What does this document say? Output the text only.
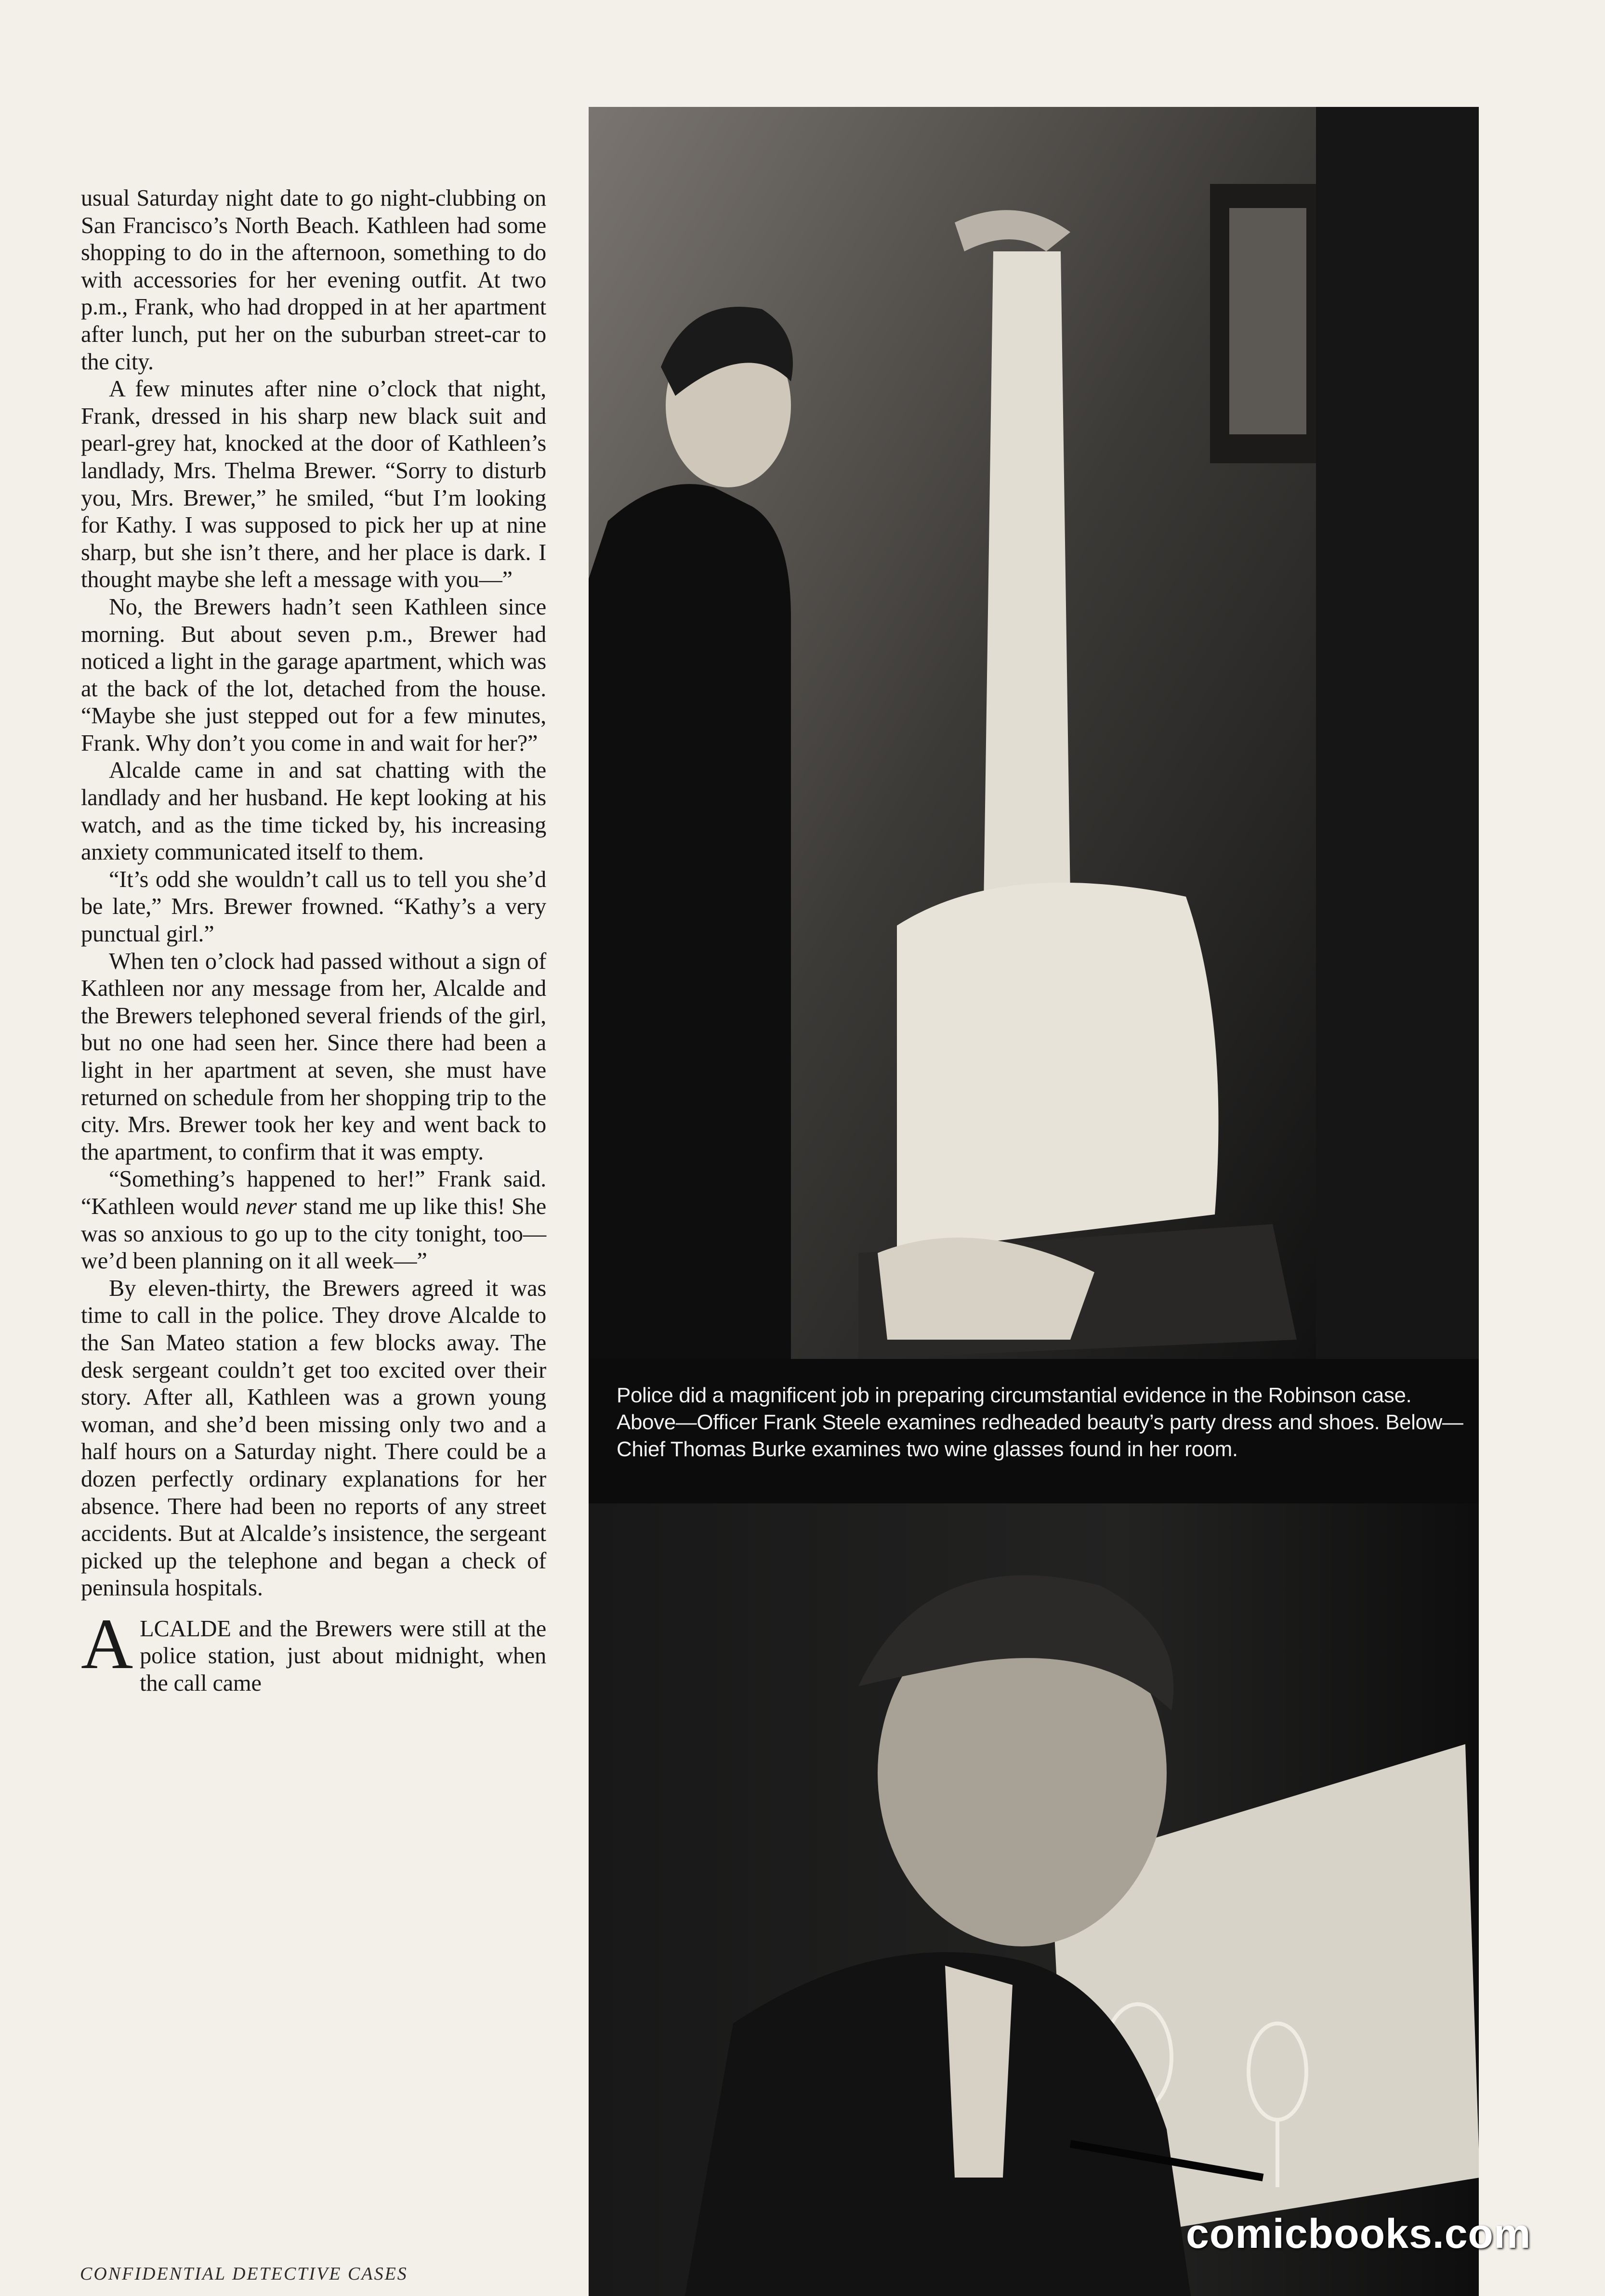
usual Saturday night date to go night-clubbing on San Francisco’s North Beach. Kathleen had some shopping to do in the afternoon, something to do with accessories for her evening outfit. At two p.m., Frank, who had dropped in at her apartment after lunch, put her on the suburban street-car to the city.

A few minutes after nine o’clock that night, Frank, dressed in his sharp new black suit and pearl-grey hat, knocked at the door of Kathleen’s landlady, Mrs. Thelma Brewer. “Sorry to disturb you, Mrs. Brewer,” he smiled, “but I’m looking for Kathy. I was supposed to pick her up at nine sharp, but she isn’t there, and her place is dark. I thought maybe she left a message with you—”

No, the Brewers hadn’t seen Kathleen since morning. But about seven p.m., Brewer had noticed a light in the garage apartment, which was at the back of the lot, detached from the house. “Maybe she just stepped out for a few minutes, Frank. Why don’t you come in and wait for her?”

Alcalde came in and sat chatting with the landlady and her husband. He kept looking at his watch, and as the time ticked by, his increasing anxiety communicated itself to them.

“It’s odd she wouldn’t call us to tell you she’d be late,” Mrs. Brewer frowned. “Kathy’s a very punctual girl.”

When ten o’clock had passed without a sign of Kathleen nor any message from her, Alcalde and the Brewers telephoned several friends of the girl, but no one had seen her. Since there had been a light in her apartment at seven, she must have returned on schedule from her shopping trip to the city. Mrs. Brewer took her key and went back to the apartment, to confirm that it was empty.

“Something’s happened to her!” Frank said. “Kathleen would never stand me up like this! She was so anxious to go up to the city tonight, too—we’d been planning on it all week—”

By eleven-thirty, the Brewers agreed it was time to call in the police. They drove Alcalde to the San Mateo station a few blocks away. The desk sergeant couldn’t get too excited over their story. After all, Kathleen was a grown young woman, and she’d been missing only two and a half hours on a Saturday night. There could be a dozen perfectly ordinary explanations for her absence. There had been no reports of any street accidents. But at Alcalde’s insistence, the sergeant picked up the telephone and began a check of peninsula hospitals.

ALCALDE and the Brewers were still at the police station, just about midnight, when the call came

Police did a magnificent job in preparing circumstantial evidence in the Robinson case. Above—Officer Frank Steele examines redheaded beauty’s party dress and shoes. Below—Chief Thomas Burke examines two wine glasses found in her room.
comicbooks.com
CONFIDENTIAL DETECTIVE CASES
